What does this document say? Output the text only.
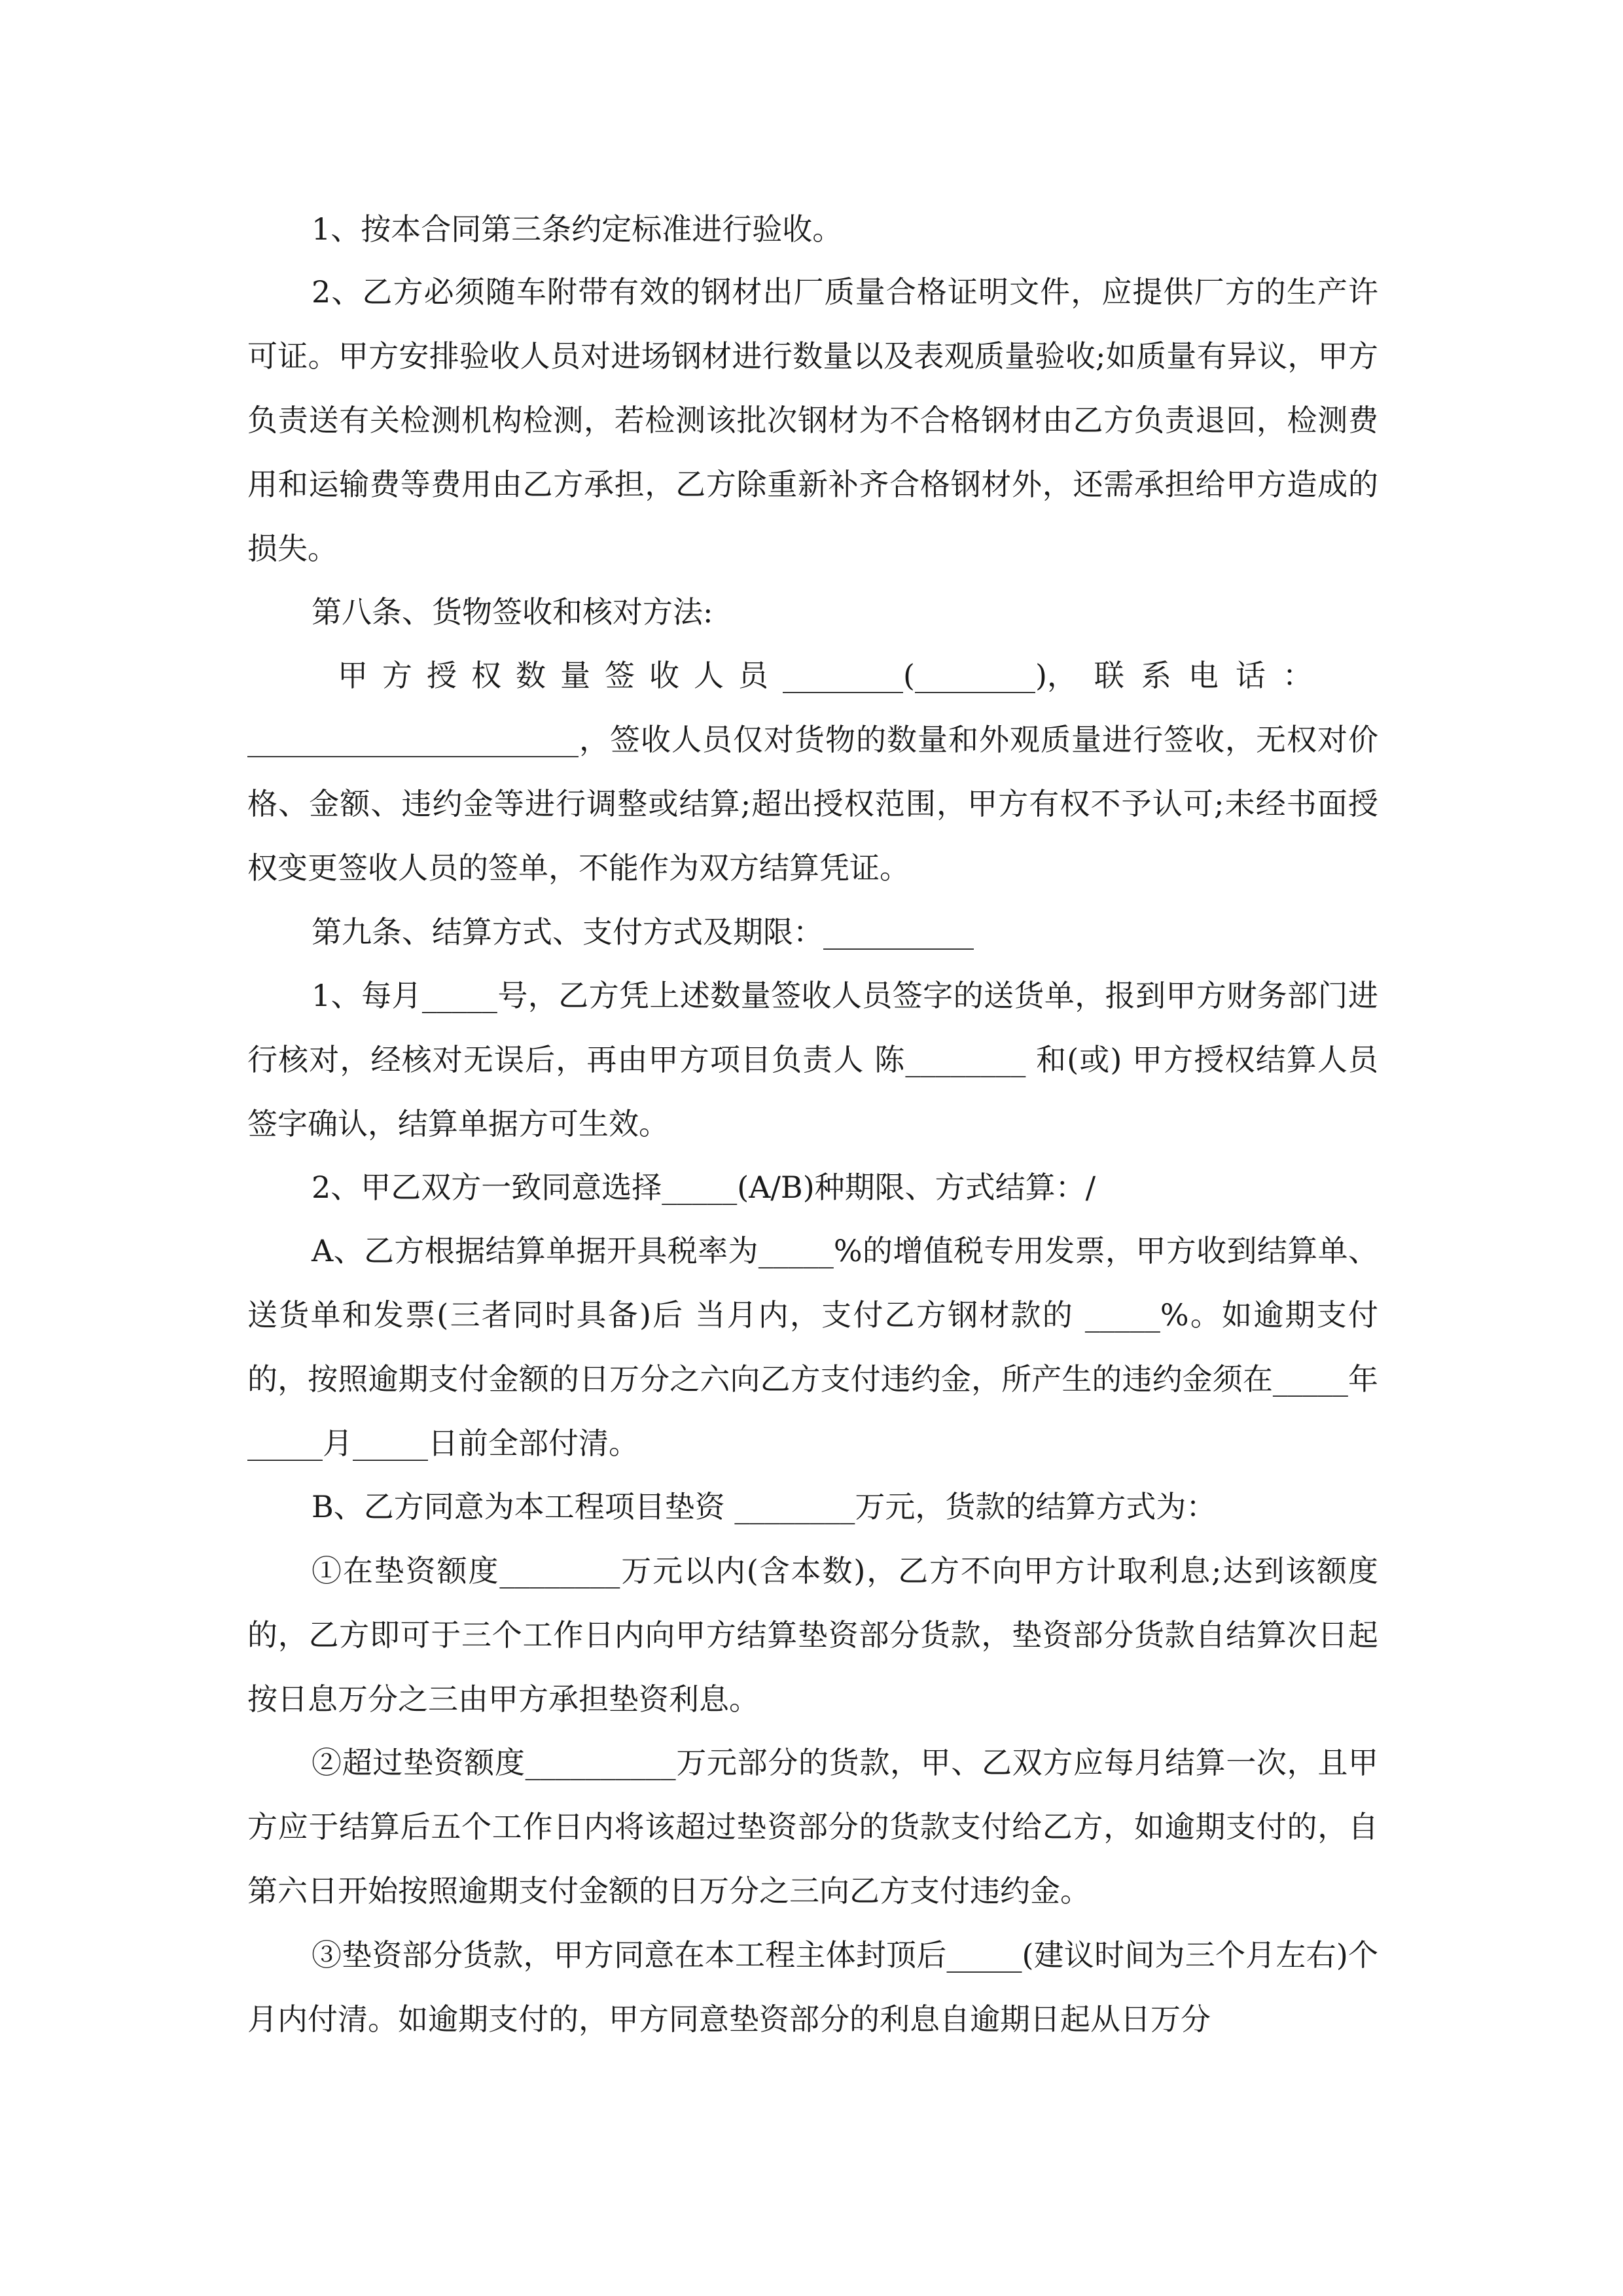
1、按本合同第三条约定标准进行验收。

2、乙方必须随车附带有效的钢材出厂质量合格证明文件，应提供厂方的生产许可证。甲方安排验收人员对进场钢材进行数量以及表观质量验收;如质量有异议，甲方负责送有关检测机构检测，若检测该批次钢材为不合格钢材由乙方负责退回，检测费用和运输费等费用由乙方承担，乙方除重新补齐合格钢材外，还需承担给甲方造成的损失。

第八条、货物签收和核对方法:

甲方授权数量签收人员________(________)，联系电话：

______________________，签收人员仅对货物的数量和外观质量进行签收，无权对价格、金额、违约金等进行调整或结算;超出授权范围，甲方有权不予认可;未经书面授权变更签收人员的签单，不能作为双方结算凭证。

第九条、结算方式、支付方式及期限：__________

1、每月_____号，乙方凭上述数量签收人员签字的送货单，报到甲方财务部门进行核对，经核对无误后，再由甲方项目负责人 陈________ 和(或) 甲方授权结算人员 签字确认，结算单据方可生效。

2、甲乙双方一致同意选择_____(A/B)种期限、方式结算：/

A、乙方根据结算单据开具税率为_____%的增值税专用发票，甲方收到结算单、送货单和发票(三者同时具备)后 当月内，支付乙方钢材款的 _____%。如逾期支付的，按照逾期支付金额的日万分之六向乙方支付违约金，所产生的违约金须在_____年_____月_____日前全部付清。

B、乙方同意为本工程项目垫资 ________万元，货款的结算方式为：

①在垫资额度________万元以内(含本数)，乙方不向甲方计取利息;达到该额度的，乙方即可于三个工作日内向甲方结算垫资部分货款，垫资部分货款自结算次日起按日息万分之三由甲方承担垫资利息。

②超过垫资额度__________万元部分的货款，甲、乙双方应每月结算一次，且甲方应于结算后五个工作日内将该超过垫资部分的货款支付给乙方，如逾期支付的，自第六日开始按照逾期支付金额的日万分之三向乙方支付违约金。

③垫资部分货款，甲方同意在本工程主体封顶后_____(建议时间为三个月左右)个月内付清。如逾期支付的，甲方同意垫资部分的利息自逾期日起从日万分
